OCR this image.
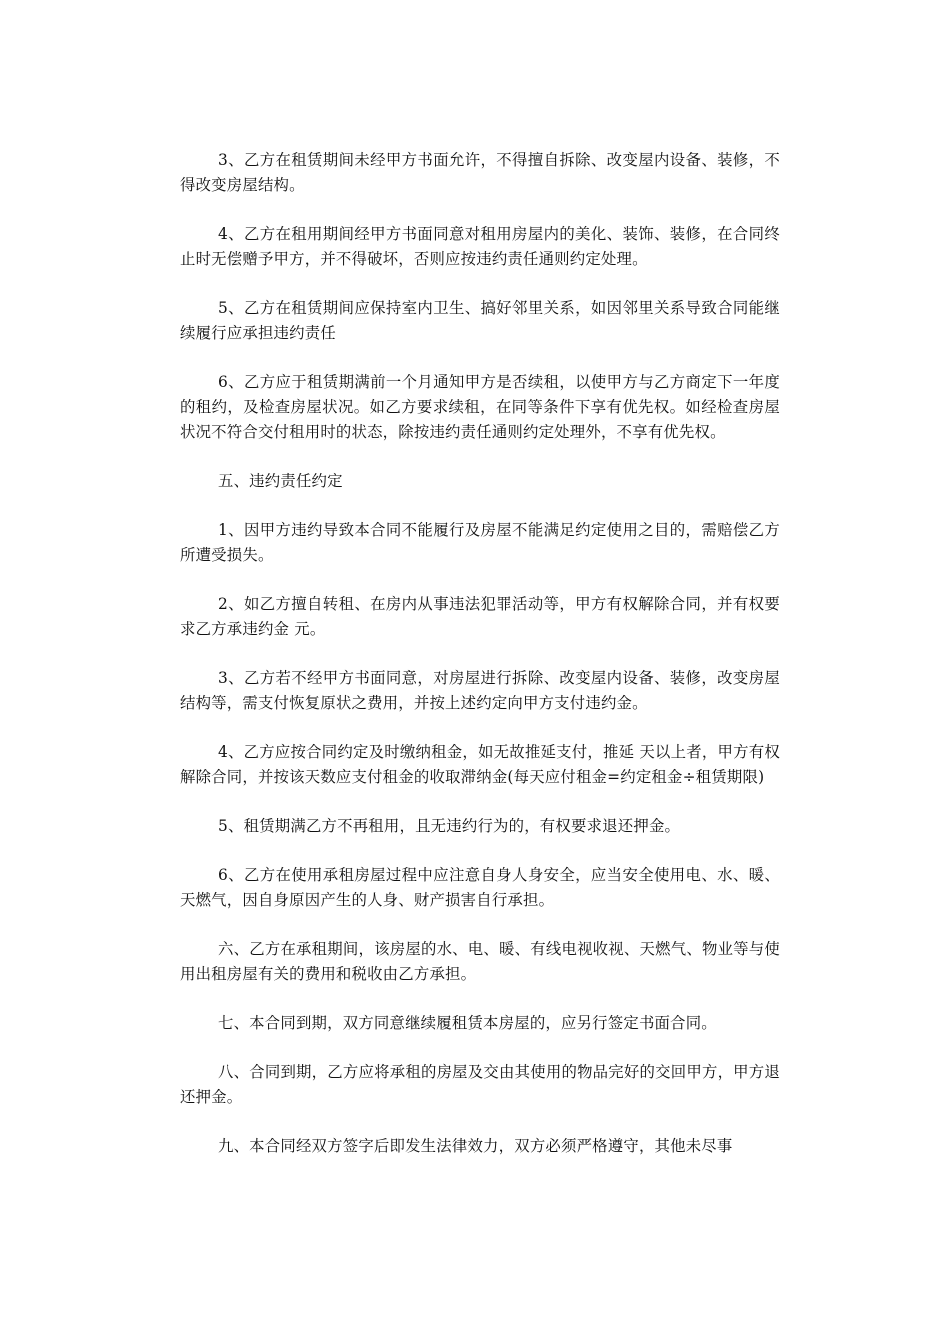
3、乙方在租赁期间未经甲方书面允许，不得擅自拆除、改变屋内设备、装修，不得改变房屋结构。

4、乙方在租用期间经甲方书面同意对租用房屋内的美化、装饰、装修，在合同终止时无偿赠予甲方，并不得破坏，否则应按违约责任通则约定处理。

5、乙方在租赁期间应保持室内卫生、搞好邻里关系，如因邻里关系导致合同能继续履行应承担违约责任

6、乙方应于租赁期满前一个月通知甲方是否续租，以使甲方与乙方商定下一年度的租约，及检查房屋状况。如乙方要求续租，在同等条件下享有优先权。如经检查房屋状况不符合交付租用时的状态，除按违约责任通则约定处理外，不享有优先权。

五、违约责任约定

1、因甲方违约导致本合同不能履行及房屋不能满足约定使用之目的，需赔偿乙方所遭受损失。

2、如乙方擅自转租、在房内从事违法犯罪活动等，甲方有权解除合同，并有权要求乙方承违约金 元。

3、乙方若不经甲方书面同意，对房屋进行拆除、改变屋内设备、装修，改变房屋结构等，需支付恢复原状之费用，并按上述约定向甲方支付违约金。

4、乙方应按合同约定及时缴纳租金，如无故推延支付，推延 天以上者，甲方有权解除合同，并按该天数应支付租金的收取滞纳金(每天应付租金=约定租金÷租赁期限)

5、租赁期满乙方不再租用，且无违约行为的，有权要求退还押金。

6、乙方在使用承租房屋过程中应注意自身人身安全，应当安全使用电、水、暖、天燃气，因自身原因产生的人身、财产损害自行承担。

六、乙方在承租期间，该房屋的水、电、暖、有线电视收视、天燃气、物业等与使用出租房屋有关的费用和税收由乙方承担。

七、本合同到期，双方同意继续履租赁本房屋的，应另行签定书面合同。

八、合同到期，乙方应将承租的房屋及交由其使用的物品完好的交回甲方，甲方退还押金。

九、本合同经双方签字后即发生法律效力，双方必须严格遵守，其他未尽事
